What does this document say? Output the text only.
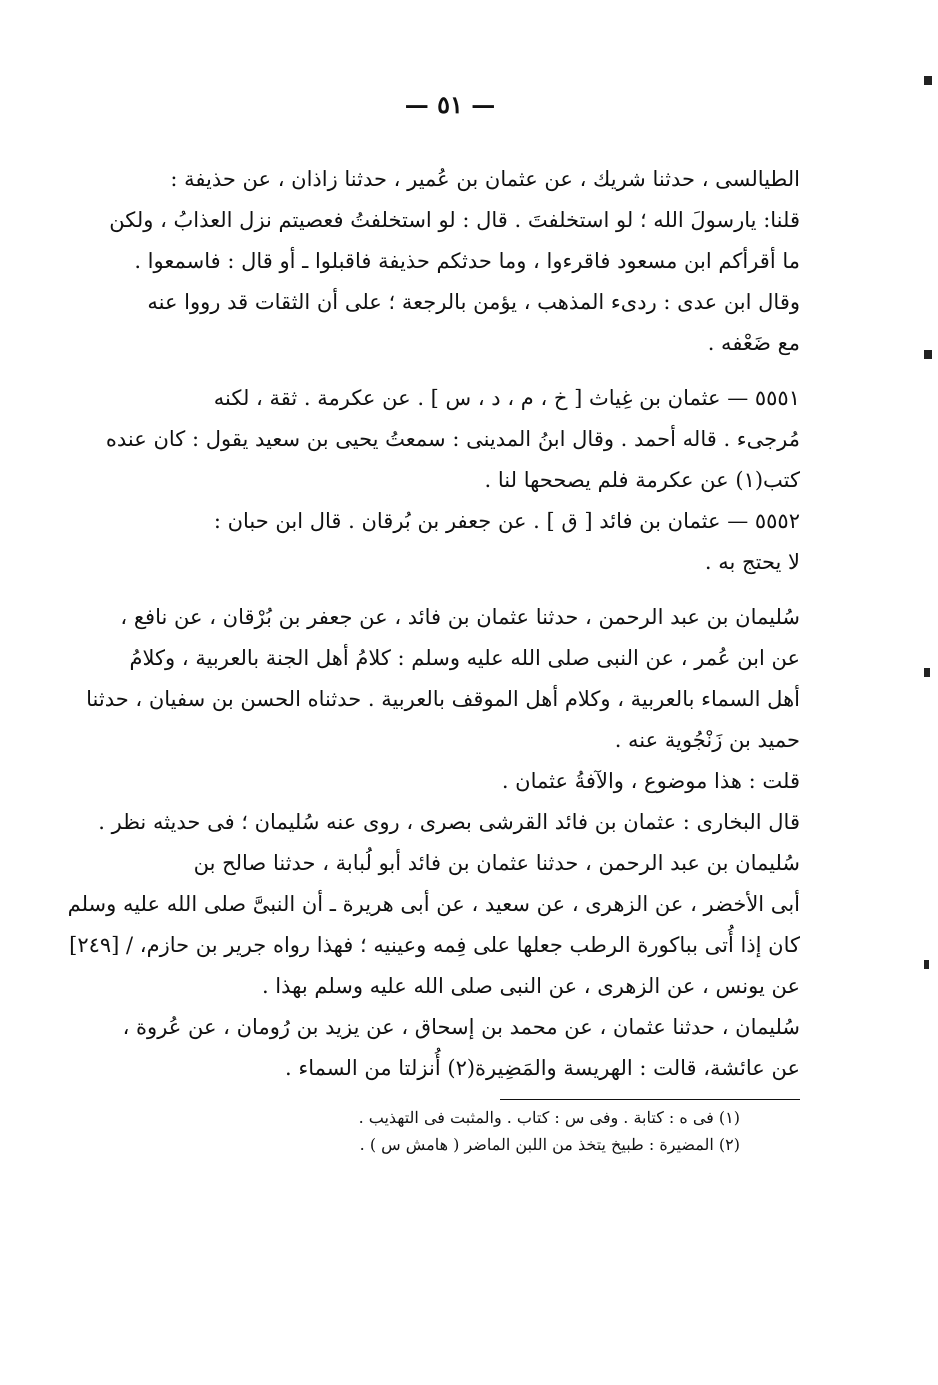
— ٥١ —
الطيالسى ، حدثنا شريك ، عن عثمان بن عُمير ، حدثنا زاذان ، عن حذيفة :
قلنا: يارسولَ الله ؛ لو استخلفتَ . قال : لو استخلفتُ فعصيتم نزل العذابُ ، ولكن
ما أقرأكم ابن مسعود فاقرءوا ، وما حدثكم حذيفة فاقبلوا ـ أو قال : فاسمعوا .
وقال ابن عدى : ردىء المذهب ، يؤمن بالرجعة ؛ على أن الثقات قد رووا عنه
مع ضَعْفه .
٥٥٥١ — عثمان بن غِياث [ خ ، م ، د ، س ] . عن عكرمة . ثقة ، لكنه
مُرجىء . قاله أحمد . وقال ابنُ المدينى : سمعتُ يحيى بن سعيد يقول : كان عنده
كتب(١) عن عكرمة فلم يصححها لنا .
٥٥٥٢ — عثمان بن فائد [ ق ] . عن جعفر بن بُرقان . قال ابن حبان :
لا يحتج به .
سُليمان بن عبد الرحمن ، حدثنا عثمان بن فائد ، عن جعفر بن بُرْقان ، عن نافع ،
عن ابن عُمر ، عن النبى صلى الله عليه وسلم : كلامُ أهل الجنة بالعربية ، وكلامُ
أهل السماء بالعربية ، وكلام أهل الموقف بالعربية . حدثناه الحسن بن سفيان ، حدثنا
حميد بن زَنْجُوية عنه .
قلت : هذا موضوع ، والآفةُ عثمان .
قال البخارى : عثمان بن فائد القرشى بصرى ، روى عنه سُليمان ؛ فى حديثه نظر .
سُليمان بن عبد الرحمن ، حدثنا عثمان بن فائد أبو لُبابة ، حدثنا صالح بن
أبى الأخضر ، عن الزهرى ، عن سعيد ، عن أبى هريرة ـ أن النبىَّ صلى الله عليه وسلم
كان إذا أُتى بباكورة الرطب جعلها على فِمه وعينيه ؛ فهذا رواه جرير بن حازم، / [٢٤٩]
عن يونس ، عن الزهرى ، عن النبى صلى الله عليه وسلم بهذا .
سُليمان ، حدثنا عثمان ، عن محمد بن إسحاق ، عن يزيد بن رُومان ، عن عُروة ،
عن عائشة، قالت : الهريسة والمَضِيرة(٢) أُنزلتا من السماء .
(١) فى ه : كتابة . وفى س : كتاب . والمثبت فى التهذيب .
(٢) المضيرة : طبيخ يتخذ من اللبن الماضر ( هامش س ) .
